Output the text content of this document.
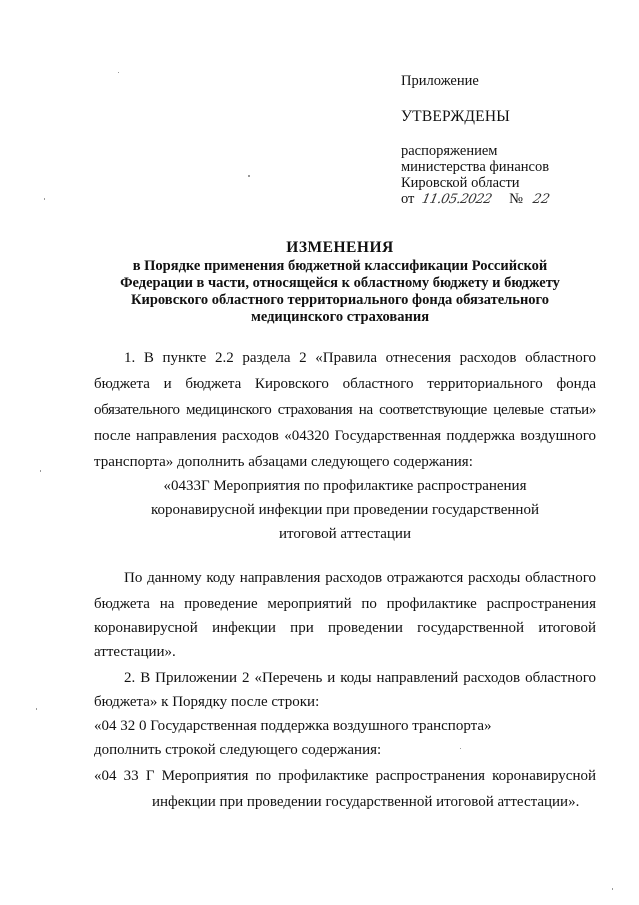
Приложение
УТВЕРЖДЕНЫ
распоряжением
министерства финансов
Кировской области
от 11.05.2022 № 22
ИЗМЕНЕНИЯ
в Порядке применения бюджетной классификации Российской
Федерации в части, относящейся к областному бюджету и бюджету
Кировского областного территориального фонда обязательного
медицинского страхования
1. В пункте 2.2 раздела 2 «Правила отнесения расходов областного
бюджета и бюджета Кировского областного территориального фонда
обязательного медицинского страхования на соответствующие целевые статьи»
после направления расходов «04320 Государственная поддержка воздушного
транспорта» дополнить абзацами следующего содержания:
«0433Г Мероприятия по профилактике распространения
коронавирусной инфекции при проведении государственной
итоговой аттестации
По данному коду направления расходов отражаются расходы областного
бюджета на проведение мероприятий по профилактике распространения
коронавирусной инфекции при проведении государственной итоговой
аттестации».
2. В Приложении 2 «Перечень и коды направлений расходов областного
бюджета» к Порядку после строки:
«04 32 0 Государственная поддержка воздушного транспорта»
дополнить строкой следующего содержания:
«04 33 Г Мероприятия по профилактике распространения коронавирусной
инфекции при проведении государственной итоговой аттестации».
